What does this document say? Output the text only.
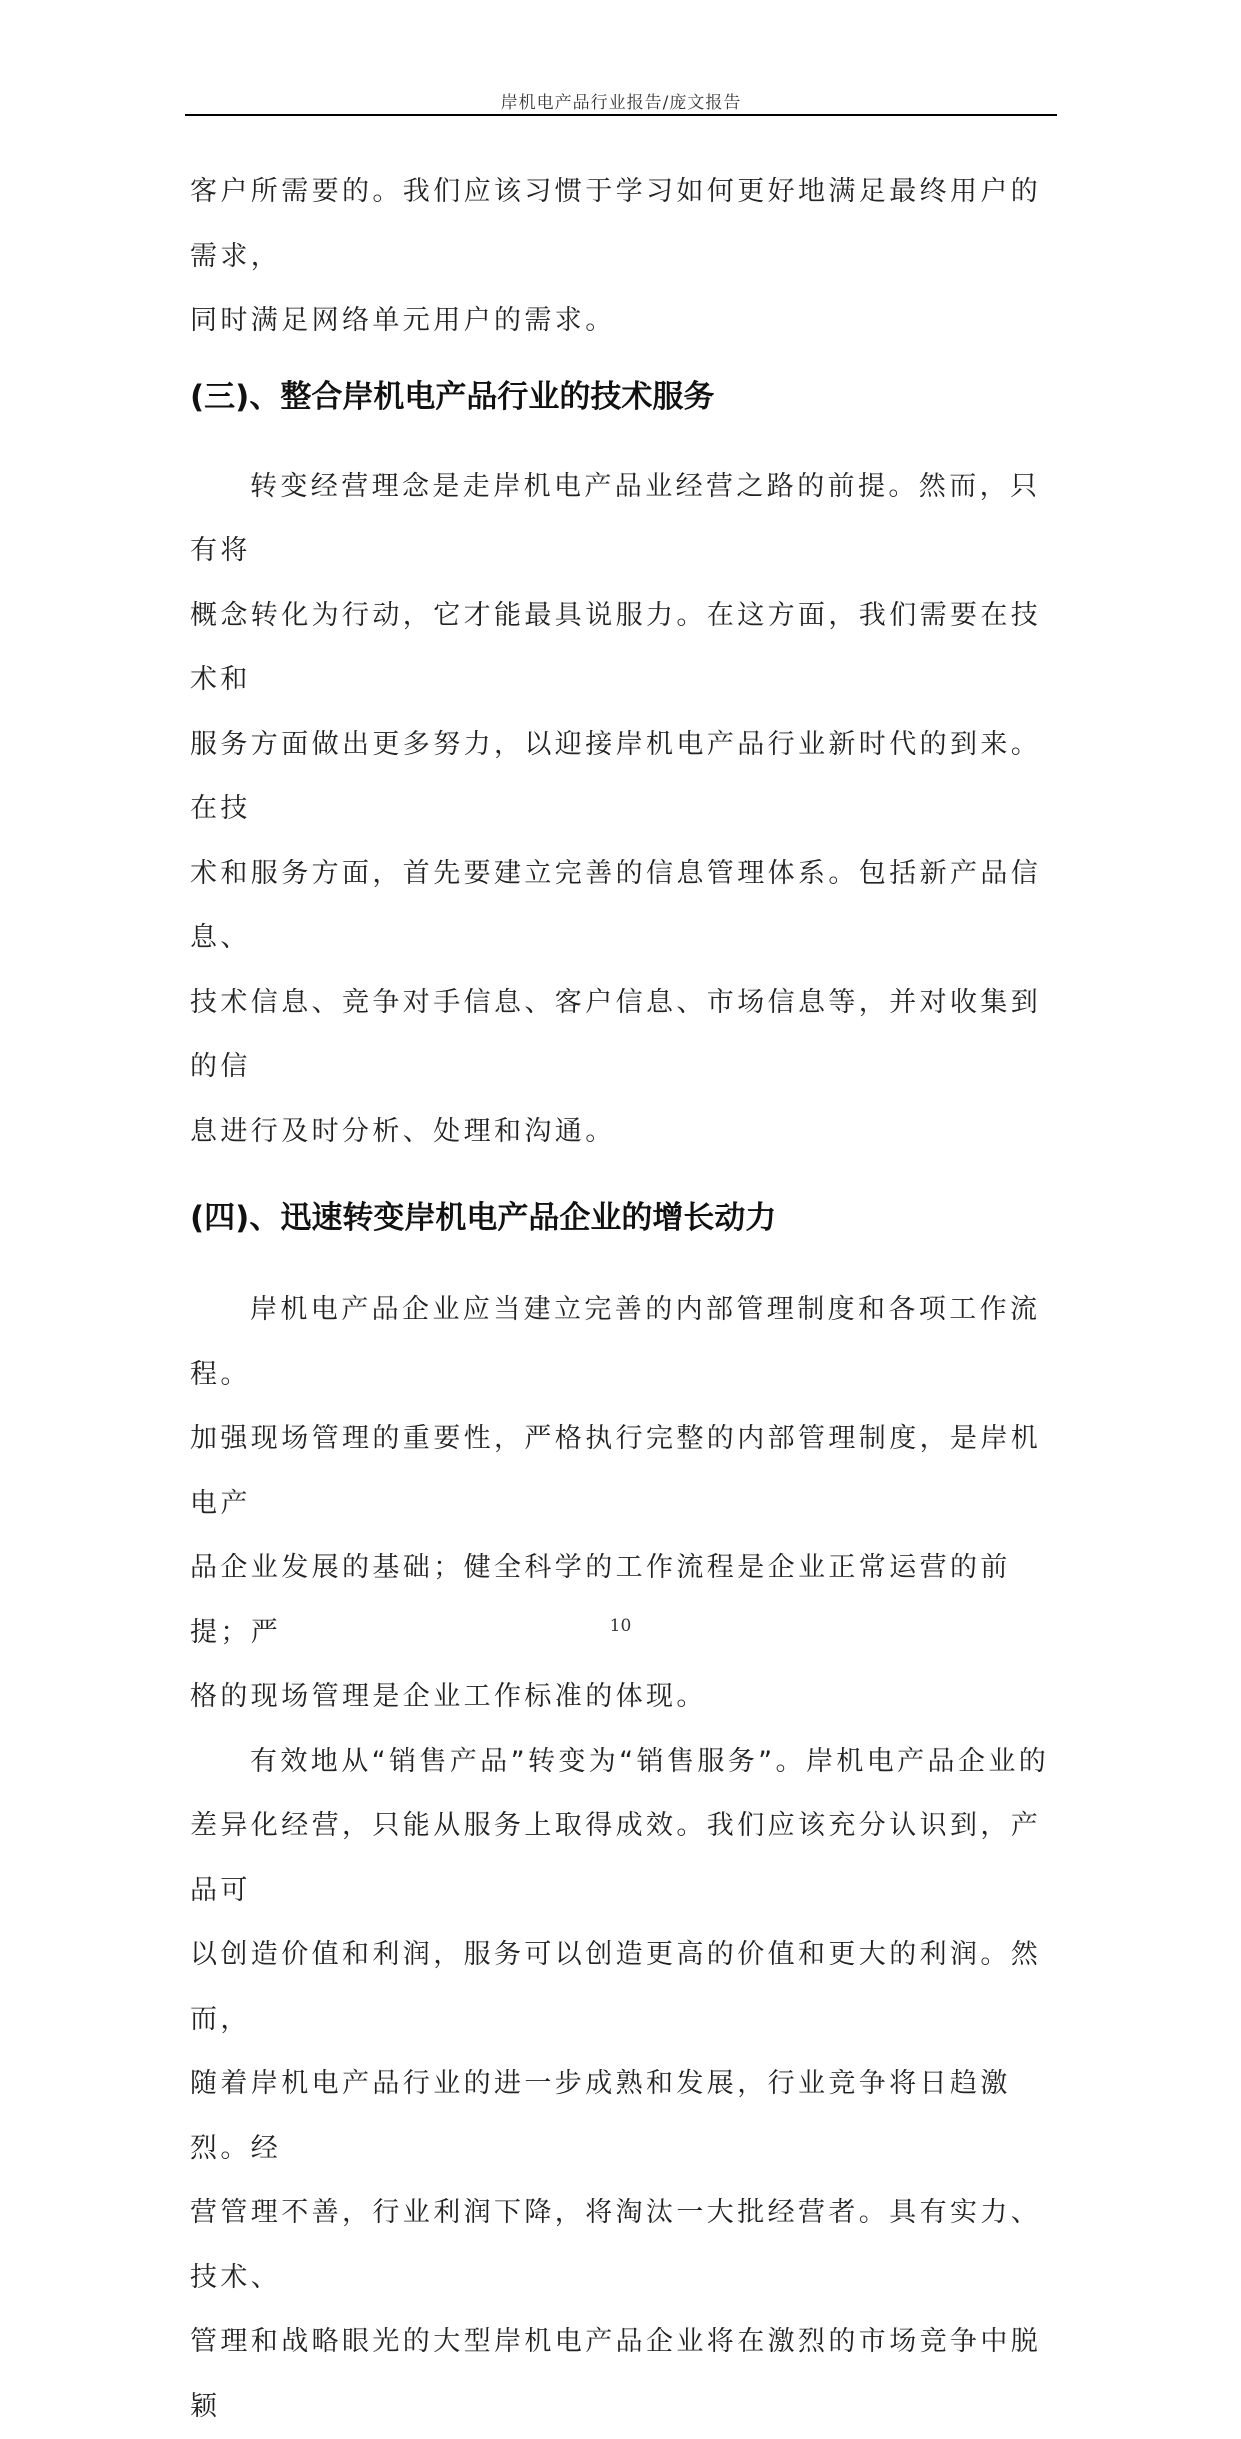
岸机电产品行业报告/庞文报告

客户所需要的。我们应该习惯于学习如何更好地满足最终用户的需求，
同时满足网络单元用户的需求。

(三)、整合岸机电产品行业的技术服务

转变经营理念是走岸机电产品业经营之路的前提。然而，只有将
概念转化为行动，它才能最具说服力。在这方面，我们需要在技术和
服务方面做出更多努力，以迎接岸机电产品行业新时代的到来。在技
术和服务方面，首先要建立完善的信息管理体系。包括新产品信息、
技术信息、竞争对手信息、客户信息、市场信息等，并对收集到的信
息进行及时分析、处理和沟通。

(四)、迅速转变岸机电产品企业的增长动力

岸机电产品企业应当建立完善的内部管理制度和各项工作流程。
加强现场管理的重要性，严格执行完整的内部管理制度，是岸机电产
品企业发展的基础；健全科学的工作流程是企业正常运营的前提；严
格的现场管理是企业工作标准的体现。

有效地从“销售产品”转变为“销售服务”。岸机电产品企业的
差异化经营，只能从服务上取得成效。我们应该充分认识到，产品可
以创造价值和利润，服务可以创造更高的价值和更大的利润。然而，
随着岸机电产品行业的进一步成熟和发展，行业竞争将日趋激烈。经
营管理不善，行业利润下降，将淘汰一大批经营者。具有实力、技术、
管理和战略眼光的大型岸机电产品企业将在激烈的市场竞争中脱颖

10
